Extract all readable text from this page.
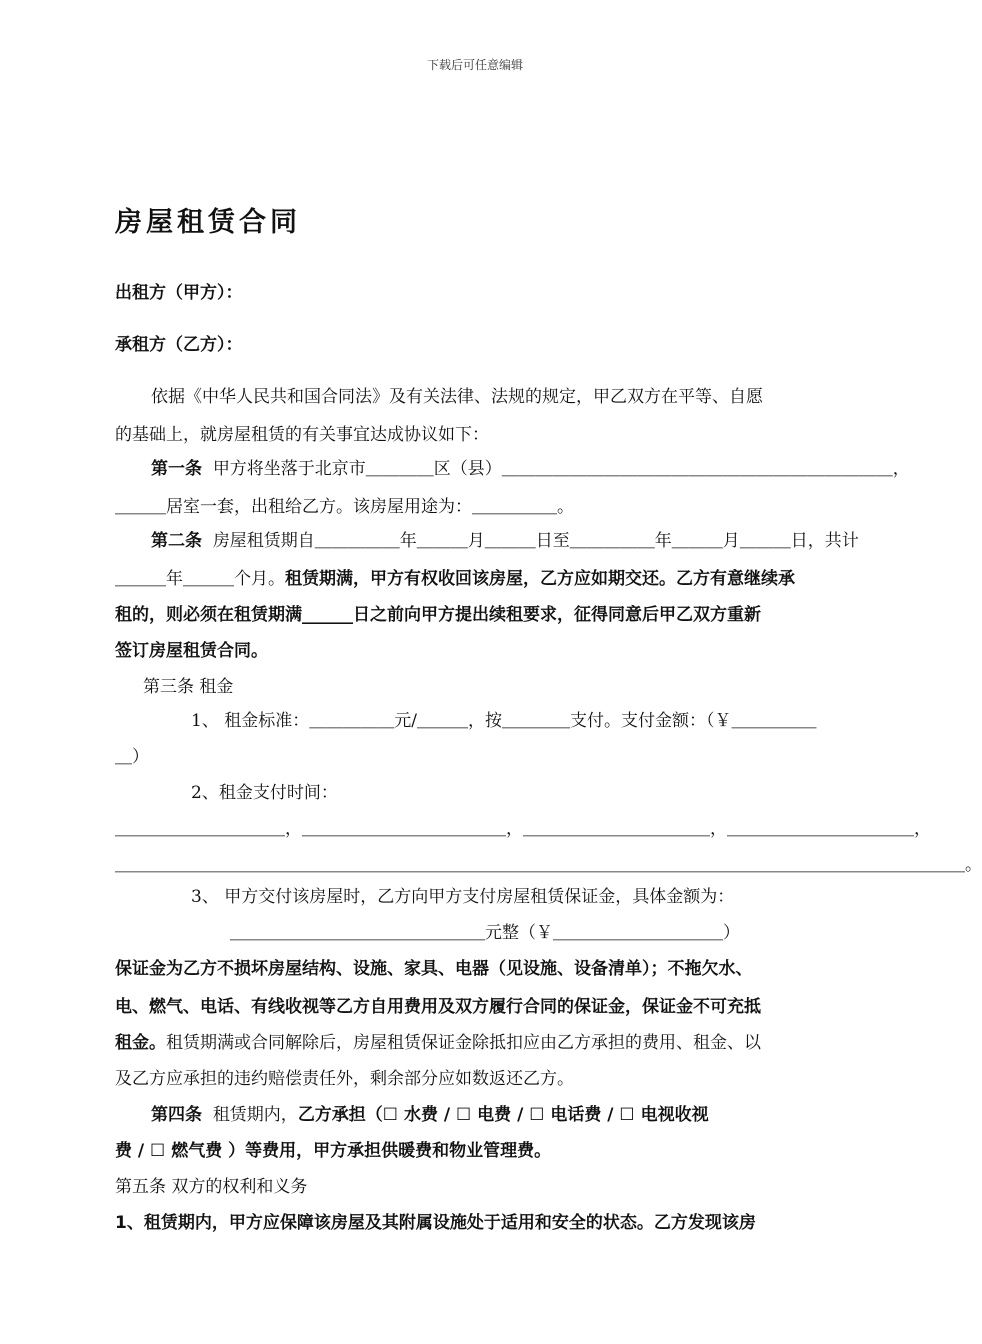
下载后可任意编辑
房屋租赁合同
出租方（甲方）：
承租方（乙方）：
依据《中华人民共和国合同法》及有关法律、法规的规定，甲乙双方在平等、自愿
的基础上，就房屋租赁的有关事宜达成协议如下：
第一条 甲方将坐落于北京市＿＿＿＿区（县）＿＿＿＿＿＿＿＿＿＿＿＿＿＿＿＿＿＿＿＿＿＿＿，
＿＿＿居室一套，出租给乙方。该房屋用途为：＿＿＿＿＿。
第二条 房屋租赁期自＿＿＿＿＿年＿＿＿月＿＿＿日至＿＿＿＿＿年＿＿＿月＿＿＿日，共计
＿＿＿年＿＿＿个月。租赁期满，甲方有权收回该房屋，乙方应如期交还。乙方有意继续承
租的，则必须在租赁期满______日之前向甲方提出续租要求，征得同意后甲乙双方重新
签订房屋租赁合同。
第三条 租金
1、 租金标准：＿＿＿＿＿元/＿＿＿，按＿＿＿＿支付。支付金额：（￥＿＿＿＿＿
＿）
2、租金支付时间：
＿＿＿＿＿＿＿＿＿＿，＿＿＿＿＿＿＿＿＿＿＿＿，＿＿＿＿＿＿＿＿＿＿＿，＿＿＿＿＿＿＿＿＿＿＿，
＿＿＿＿＿＿＿＿＿＿＿＿＿＿＿＿＿＿＿＿＿＿＿＿＿＿＿＿＿＿＿＿＿＿＿＿＿＿＿＿＿＿＿＿＿＿＿＿＿＿。
3、 甲方交付该房屋时，乙方向甲方支付房屋租赁保证金，具体金额为：
＿＿＿＿＿＿＿＿＿＿＿＿＿＿＿元整（￥＿＿＿＿＿＿＿＿＿＿）
保证金为乙方不损坏房屋结构、设施、家具、电器（见设施、设备清单）；不拖欠水、
电、燃气、电话、有线收视等乙方自用费用及双方履行合同的保证金，保证金不可充抵
租金。租赁期满或合同解除后，房屋租赁保证金除抵扣应由乙方承担的费用、租金、以
及乙方应承担的违约赔偿责任外，剩余部分应如数返还乙方。
第四条 租赁期内，乙方承担（☐ 水费 / ☐ 电费 / ☐ 电话费 / ☐ 电视收视
费 / ☐ 燃气费 ）等费用，甲方承担供暖费和物业管理费。
第五条 双方的权利和义务
1、租赁期内，甲方应保障该房屋及其附属设施处于适用和安全的状态。乙方发现该房
